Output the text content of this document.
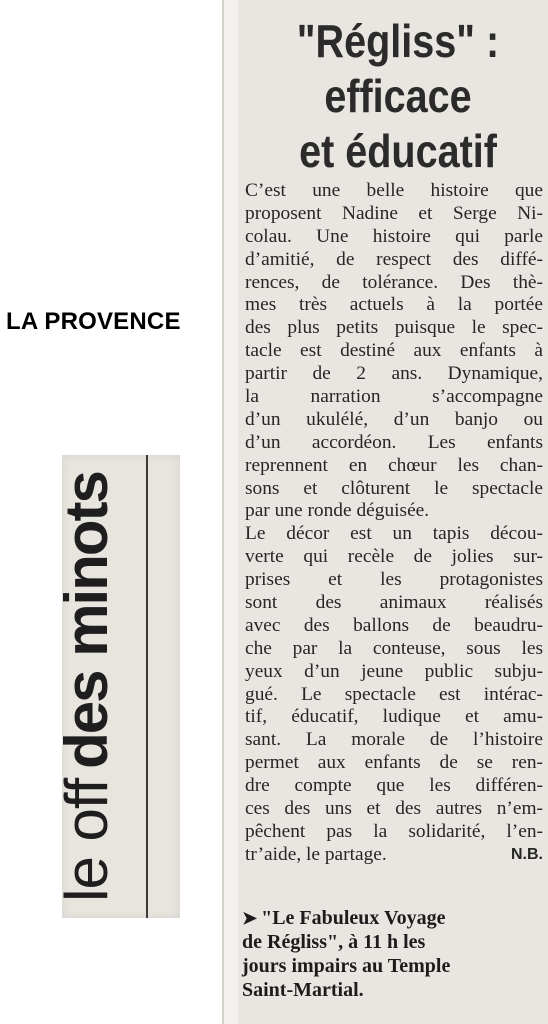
LA PROVENCE
le off
des minots
"Régliss" :
efficace
et éducatif
C’est une belle histoire que
proposent Nadine et Serge Ni-
colau. Une histoire qui parle
d’amitié, de respect des diffé-
rences, de tolérance. Des thè-
mes très actuels à la portée
des plus petits puisque le spec-
tacle est destiné aux enfants à
partir de 2 ans. Dynamique,
la narration s’accompagne
d’un ukulélé, d’un banjo ou
d’un accordéon. Les enfants
reprennent en chœur les chan-
sons et clôturent le spectacle
par une ronde déguisée.
Le décor est un tapis décou-
verte qui recèle de jolies sur-
prises et les protagonistes
sont des animaux réalisés
avec des ballons de beaudru-
che par la conteuse, sous les
yeux d’un jeune public subju-
gué. Le spectacle est intérac-
tif, éducatif, ludique et amu-
sant. La morale de l’histoire
permet aux enfants de se ren-
dre compte que les différen-
ces des uns et des autres n’em-
pêchent pas la solidarité, l’en-
tr’aide, le partage.	N.B.
➤ "Le Fabuleux Voyage
de Régliss", à 11 h les
jours impairs au Temple
Saint-Martial.
